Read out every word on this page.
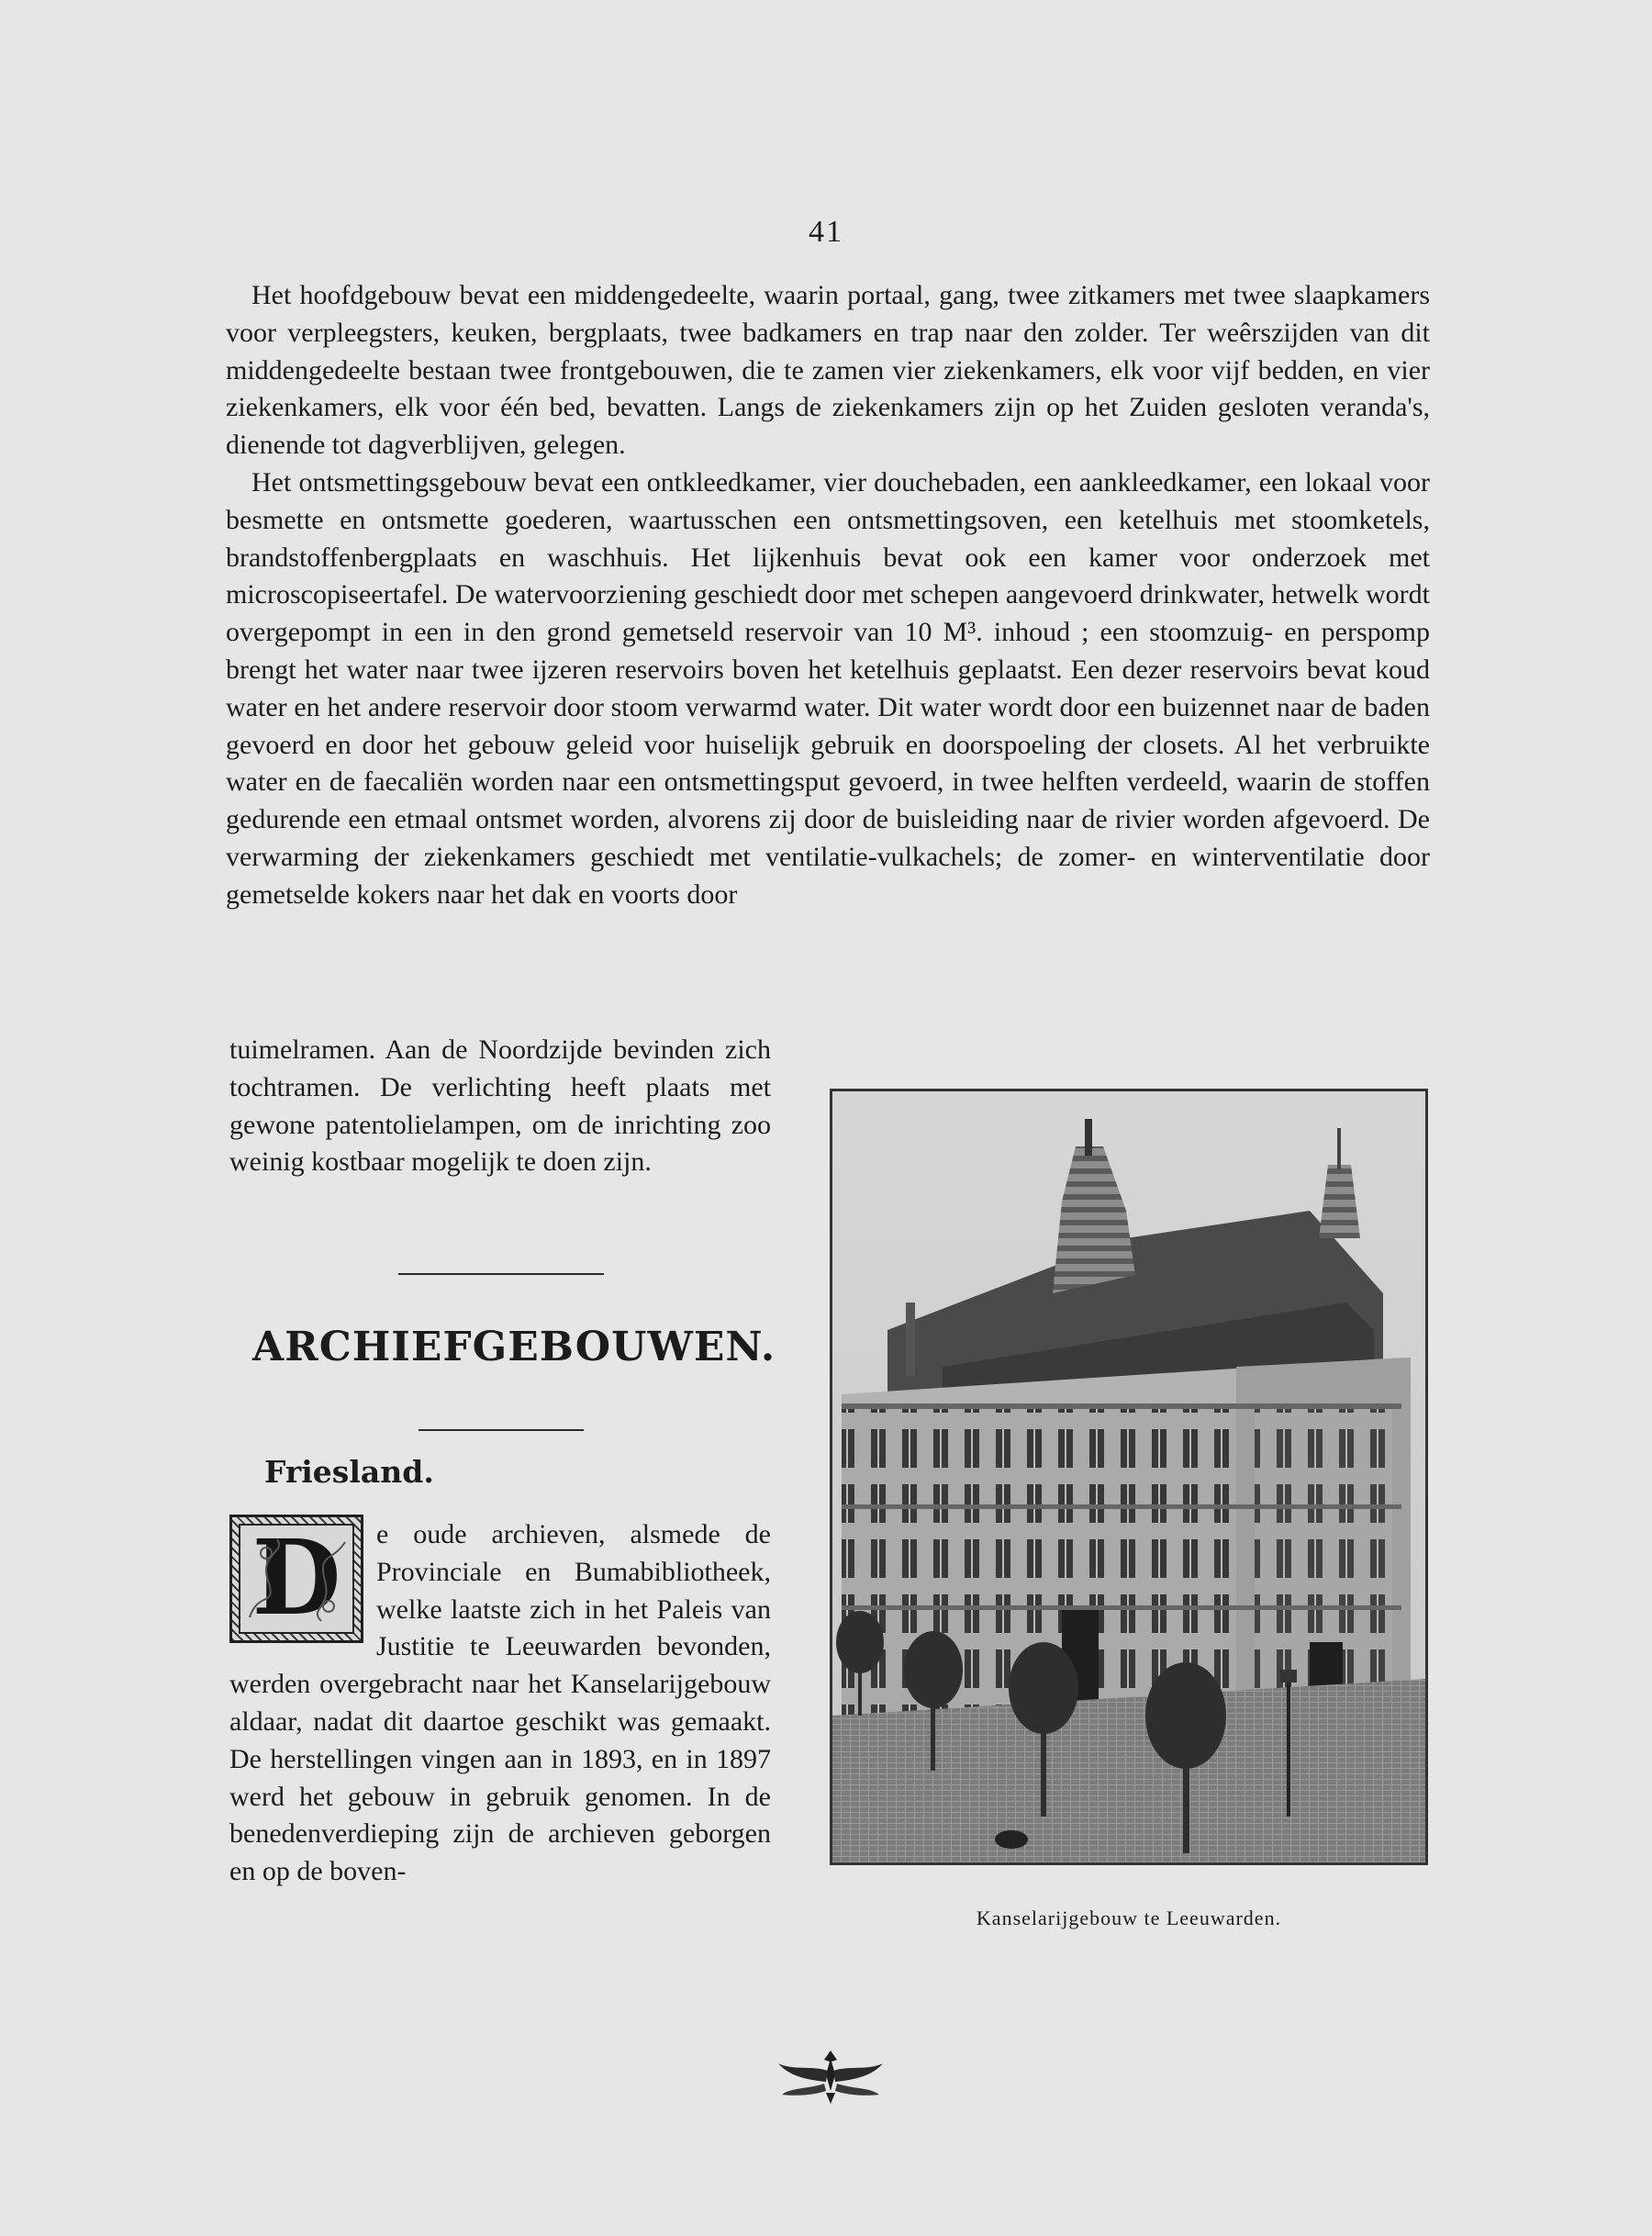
41

Het hoofdgebouw bevat een middengedeelte, waarin portaal, gang, twee zitkamers met twee slaapkamers voor verpleegsters, keuken, bergplaats, twee badkamers en trap naar den zolder. Ter weêrszijden van dit middengedeelte bestaan twee frontgebouwen, die te zamen vier ziekenkamers, elk voor vijf bedden, en vier ziekenkamers, elk voor één bed, bevatten. Langs de ziekenkamers zijn op het Zuiden gesloten veranda's, dienende tot dagverblijven, gelegen.

Het ontsmettingsgebouw bevat een ontkleedkamer, vier douchebaden, een aankleedkamer, een lokaal voor besmette en ontsmette goederen, waartusschen een ontsmettingsoven, een ketelhuis met stoomketels, brandstoffenbergplaats en waschhuis. Het lijkenhuis bevat ook een kamer voor onderzoek met microscopiseertafel. De watervoorziening geschiedt door met schepen aangevoerd drinkwater, hetwelk wordt overgepompt in een in den grond gemetseld reservoir van 10 M³. inhoud ; een stoomzuig- en perspomp brengt het water naar twee ijzeren reservoirs boven het ketelhuis geplaatst. Een dezer reservoirs bevat koud water en het andere reservoir door stoom verwarmd water. Dit water wordt door een buizennet naar de baden gevoerd en door het gebouw geleid voor huiselijk gebruik en doorspoeling der closets. Al het verbruikte water en de faecaliën worden naar een ontsmettingsput gevoerd, in twee helften verdeeld, waarin de stoffen gedurende een etmaal ontsmet worden, alvorens zij door de buisleiding naar de rivier worden afgevoerd. De verwarming der ziekenkamers geschiedt met ventilatie-vulkachels; de zomer- en winterventilatie door gemetselde kokers naar het dak en voorts door

tuimelramen. Aan de Noordzijde bevinden zich tochtramen. De verlichting heeft plaats met gewone patentolielampen, om de inrichting zoo weinig kostbaar mogelijk te doen zijn.

ARCHIEFGEBOUWEN.
Friesland.
D	e oude archieven, alsmede de Provinciale en Bumabibliotheek, welke laatste zich in het Paleis van Justitie te Leeuwarden bevonden, werden overgebracht naar het Kanselarijgebouw aldaar, nadat dit daartoe geschikt was gemaakt. De herstellingen vingen aan in 1893, en in 1897 werd het gebouw in gebruik genomen. In de benedenverdieping zijn de archieven geborgen en op de boven-
Kanselarijgebouw te Leeuwarden.
